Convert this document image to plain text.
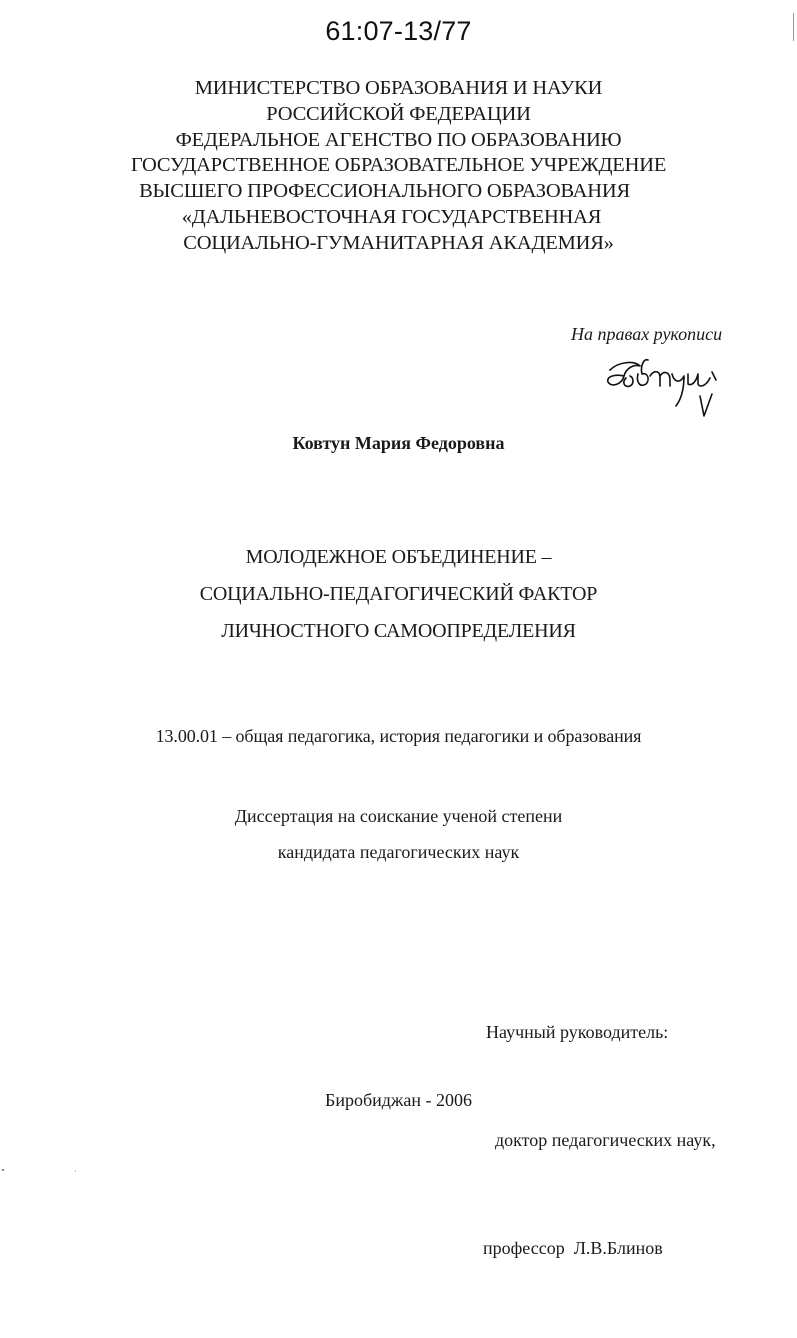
61:07-13/77
МИНИСТЕРСТВО ОБРАЗОВАНИЯ И НАУКИ
РОССИЙСКОЙ ФЕДЕРАЦИИ
ФЕДЕРАЛЬНОЕ АГЕНСТВО ПО ОБРАЗОВАНИЮ
ГОСУДАРСТВЕННОЕ ОБРАЗОВАТЕЛЬНОЕ УЧРЕЖДЕНИЕ
ВЫСШЕГО ПРОФЕССИОНАЛЬНОГО ОБРАЗОВАНИЯ
«ДАЛЬНЕВОСТОЧНАЯ ГОСУДАРСТВЕННАЯ
СОЦИАЛЬНО-ГУМАНИТАРНАЯ АКАДЕМИЯ»
На правах рукописи
Ковтун Мария Федоровна
МОЛОДЕЖНОЕ ОБЪЕДИНЕНИЕ –
СОЦИАЛЬНО-ПЕДАГОГИЧЕСКИЙ ФАКТОР
ЛИЧНОСТНОГО САМООПРЕДЕЛЕНИЯ
13.00.01 – общая педагогика, история педагогики и образования
Диссертация на соискание ученой степени
кандидата педагогических наук

Научный руководитель:

доктор педагогических наук,

профессор  Л.В.Блинов

Биробиджан - 2006
